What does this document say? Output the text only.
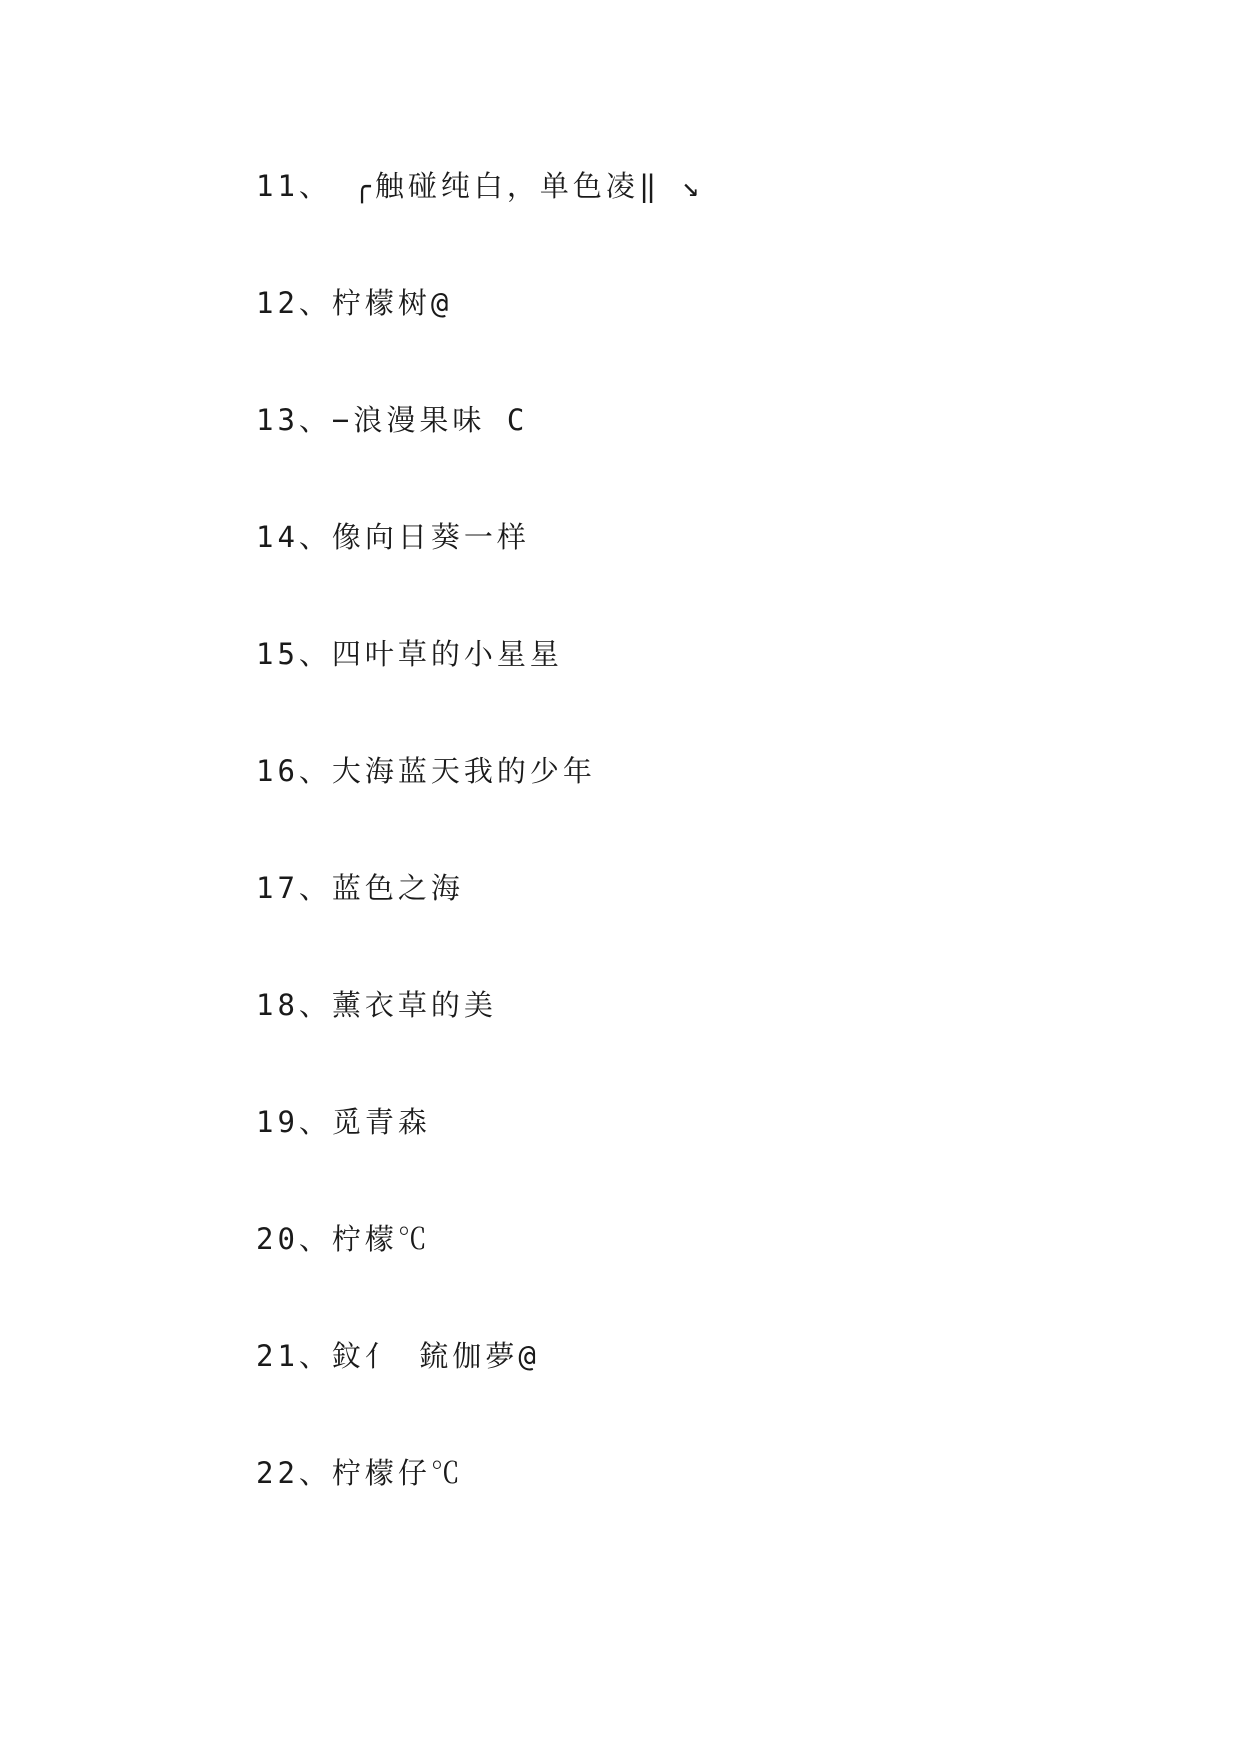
11、 ╭触碰纯白，单色凌‖ ↘
12、柠檬树@
13、−浪漫果味 C
14、像向日葵一样
15、四叶草的小星星
16、大海蓝天我的少年
17、蓝色之海
18、薰衣草的美
19、觅青森
20、柠檬℃
21、鈫亻 鋶伽夢@
22、柠檬仔℃
